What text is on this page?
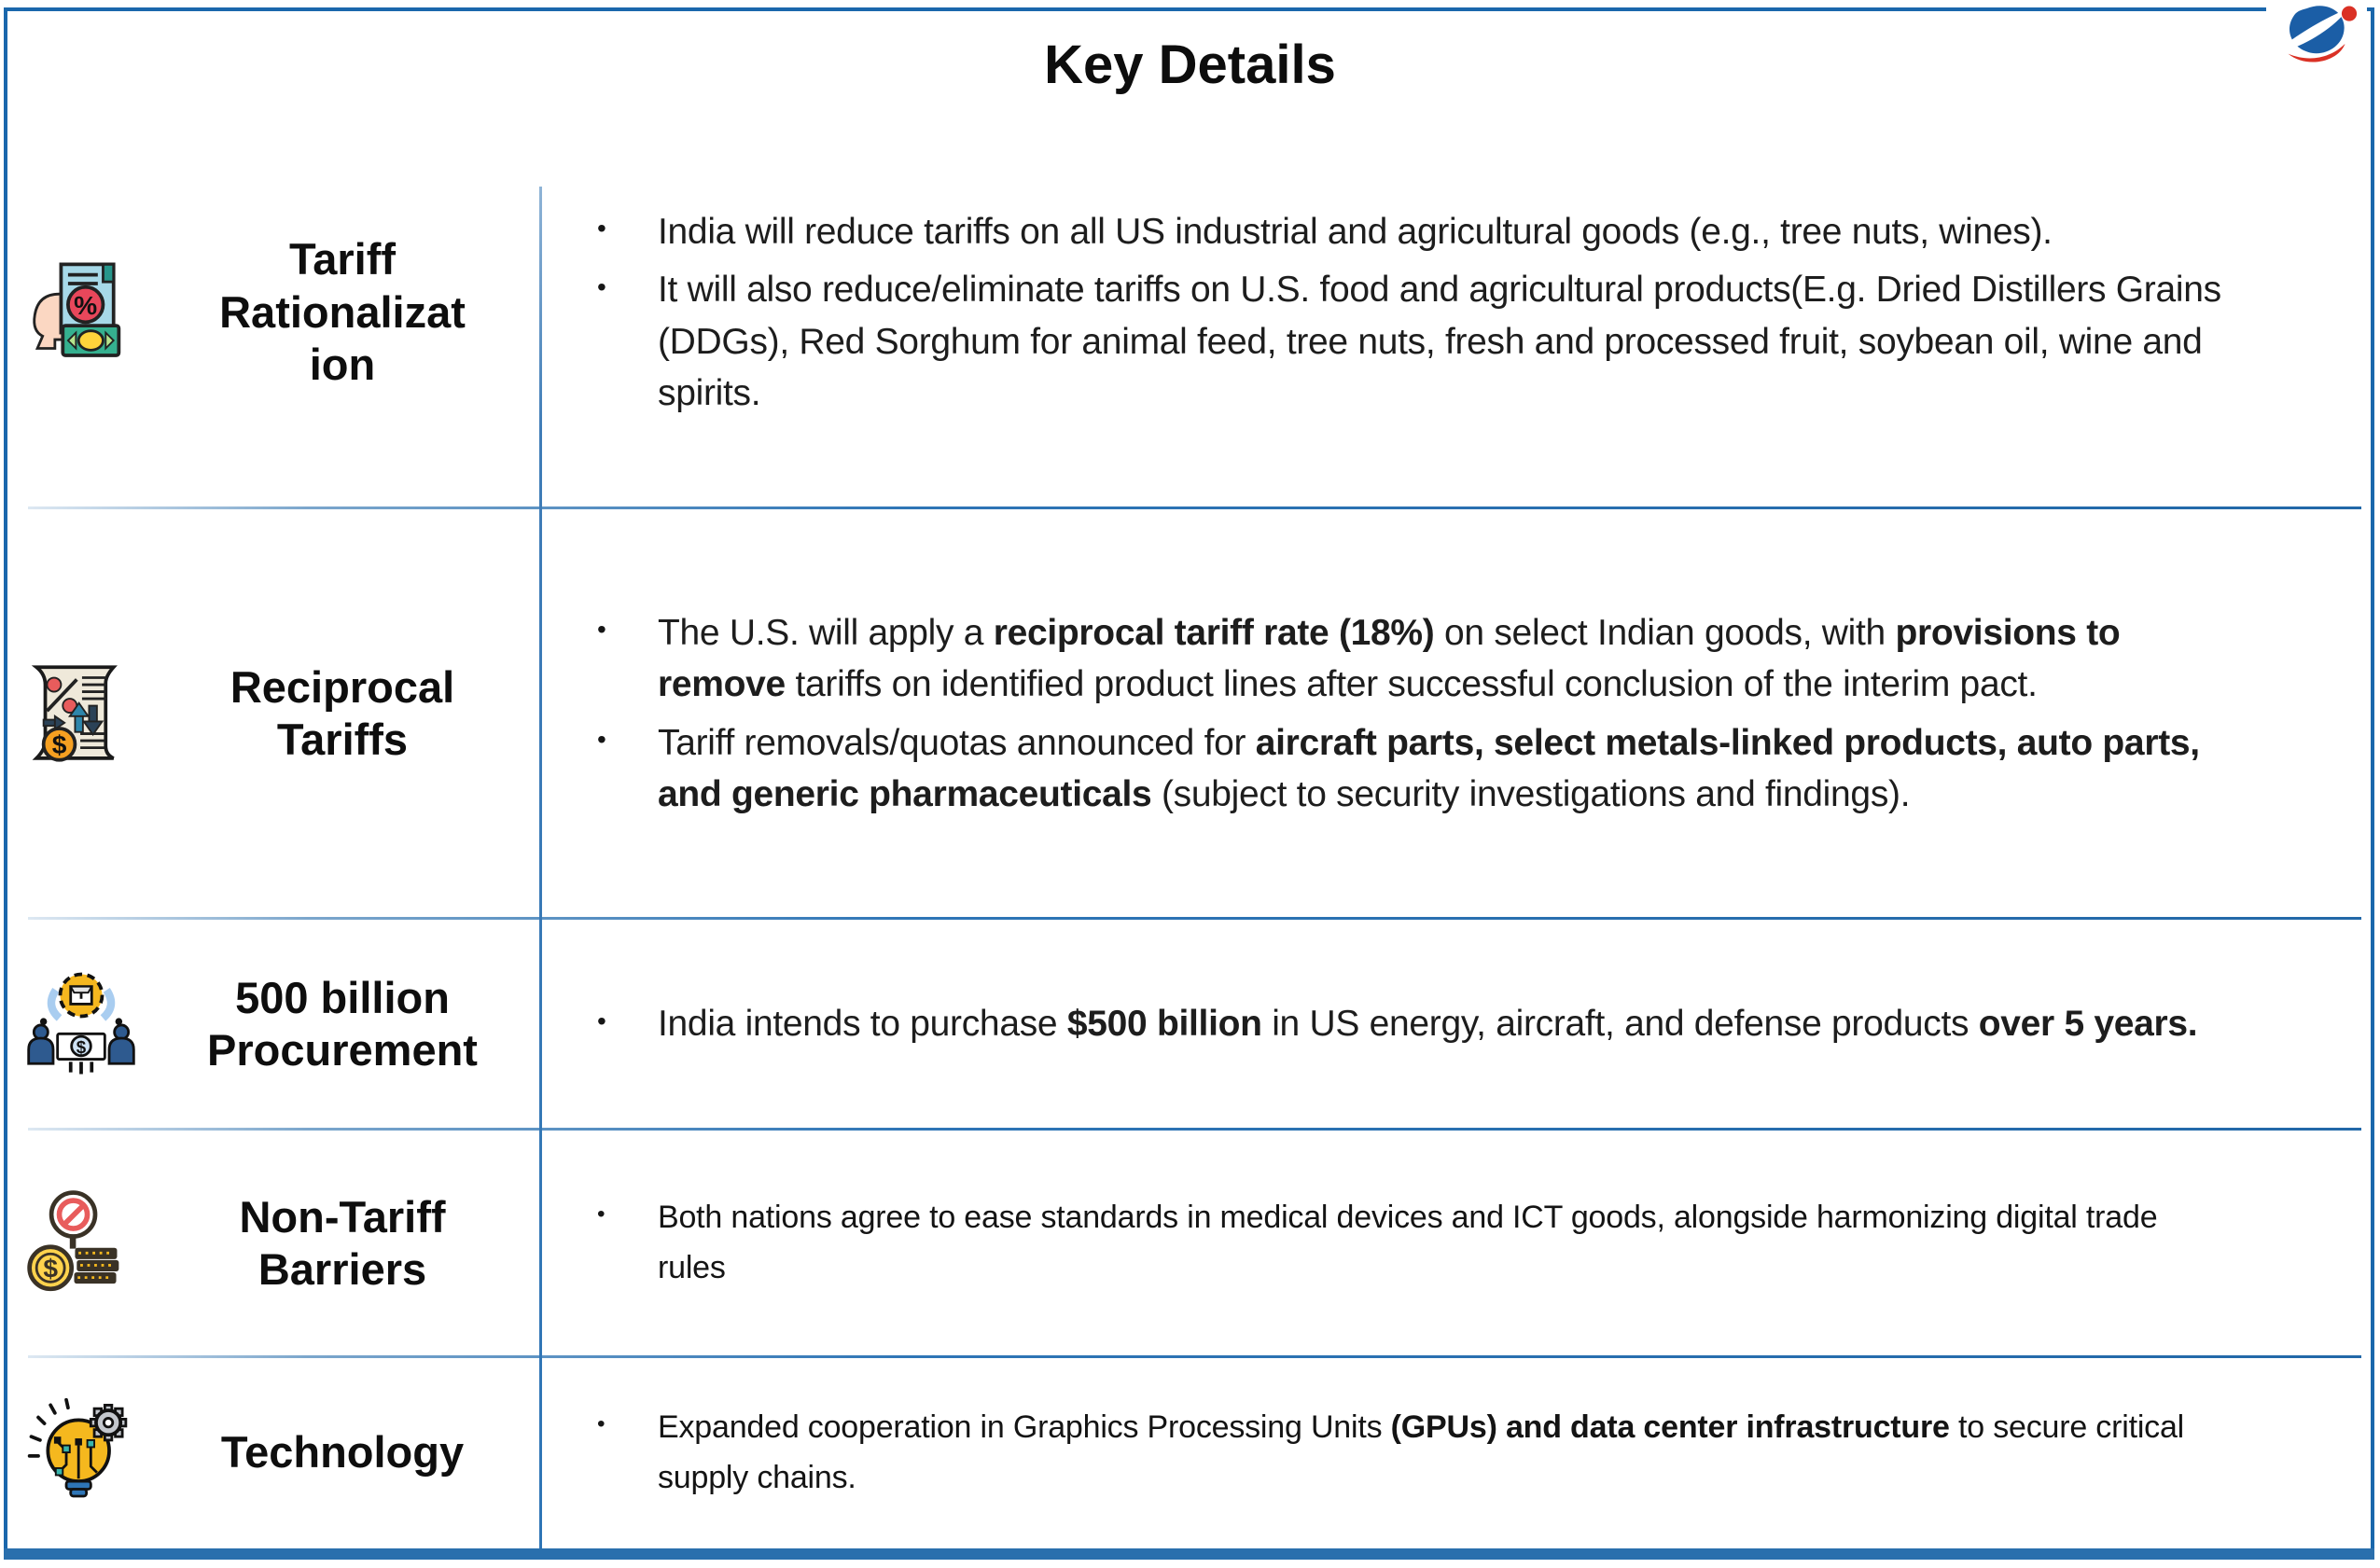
Key Details
%
Tariff
Rationalizat
ion
• India will reduce tariffs on all US industrial and agricultural goods (e.g., tree nuts, wines).
• It will also reduce/eliminate tariffs on U.S. food and agricultural products(E.g. Dried Distillers Grains (DDGs), Red Sorghum for animal feed, tree nuts, fresh and processed fruit, soybean oil, wine and spirits.
$
Reciprocal
Tariffs
• The U.S. will apply a reciprocal tariff rate (18%) on select Indian goods, with provisions to remove tariffs on identified product lines after successful conclusion of the interim pact.
• Tariff removals/quotas announced for aircraft parts, select metals-linked products, auto parts, and generic pharmaceuticals (subject to security investigations and findings).
$
500 billion
Procurement
• India intends to purchase $500 billion in US energy, aircraft, and defense products over 5 years.
$
Non-Tariff
Barriers
• Both nations agree to ease standards in medical devices and ICT goods, alongside harmonizing digital trade rules
Technology
• Expanded cooperation in Graphics Processing Units (GPUs) and data center infrastructure to secure critical supply chains.
